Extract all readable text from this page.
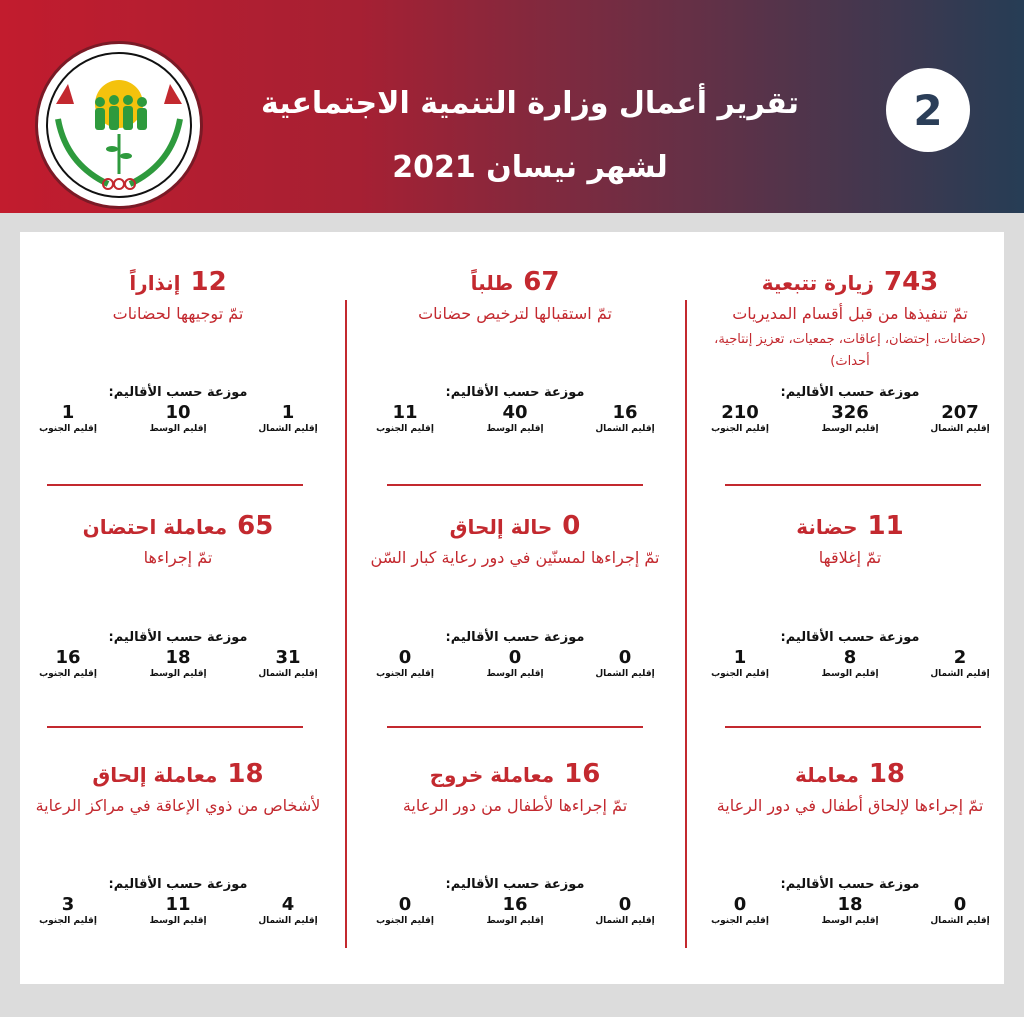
تقرير أعمال وزارة التنمية الاجتماعية
لشهر نيسان 2021
2
743زيارة تتبعية
تمّ تنفيذها من قبل أقسام المديريات
(حضانات، إحتضان، إعاقات، جمعيات، تعزيز إنتاجية، أحداث)
موزعة حسب الأقاليم:
207
إقليم الشمال
326
إقليم الوسط
210
إقليم الجنوب
67طلباً
تمّ استقبالها لترخيص حضانات
موزعة حسب الأقاليم:
16
إقليم الشمال
40
إقليم الوسط
11
إقليم الجنوب
12إنذاراً
تمّ توجيهها لحضانات
موزعة حسب الأقاليم:
1
إقليم الشمال
10
إقليم الوسط
1
إقليم الجنوب
11حضانة
تمّ إغلاقها
موزعة حسب الأقاليم:
2
إقليم الشمال
8
إقليم الوسط
1
إقليم الجنوب
0حالة إلحاق
تمّ إجراءها لمسنّين في دور رعاية كبار السّن
موزعة حسب الأقاليم:
0
إقليم الشمال
0
إقليم الوسط
0
إقليم الجنوب
65معاملة احتضان
تمّ إجراءها
موزعة حسب الأقاليم:
31
إقليم الشمال
18
إقليم الوسط
16
إقليم الجنوب
18معاملة
تمّ إجراءها لإلحاق أطفال في دور الرعاية
موزعة حسب الأقاليم:
0
إقليم الشمال
18
إقليم الوسط
0
إقليم الجنوب
16معاملة خروج
تمّ إجراءها لأطفال من دور الرعاية
موزعة حسب الأقاليم:
0
إقليم الشمال
16
إقليم الوسط
0
إقليم الجنوب
18معاملة إلحاق
لأشخاص من ذوي الإعاقة في مراكز الرعاية
موزعة حسب الأقاليم:
4
إقليم الشمال
11
إقليم الوسط
3
إقليم الجنوب
